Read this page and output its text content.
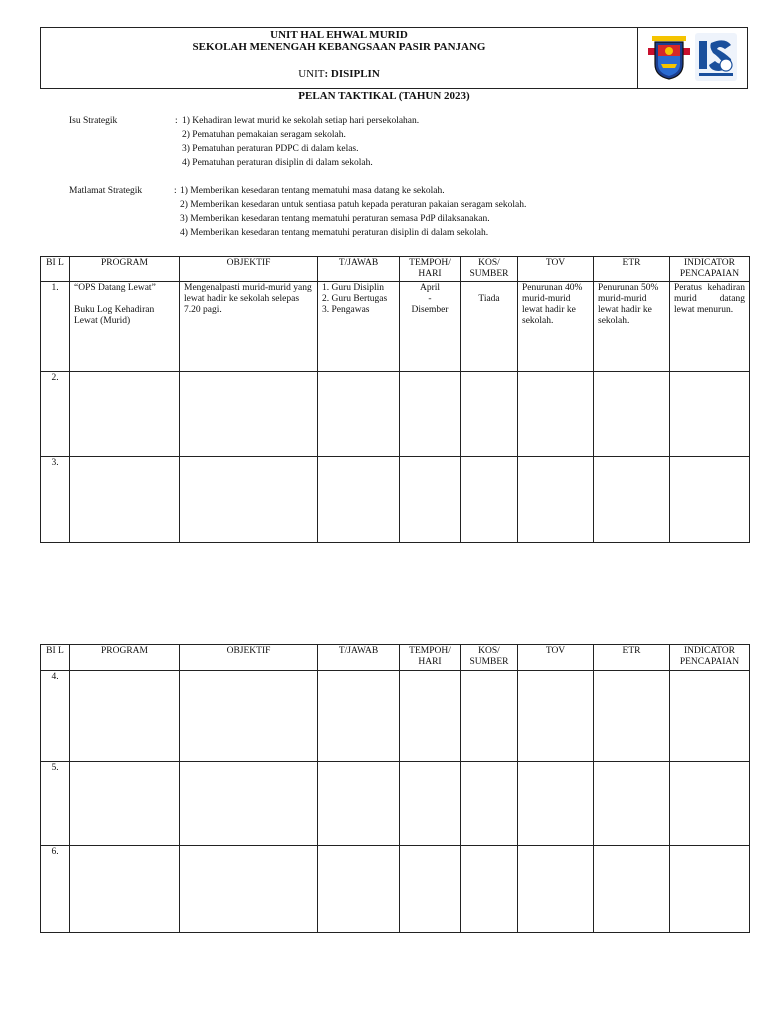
UNIT HAL EHWAL MURID
SEKOLAH MENENGAH KEBANGSAAN PASIR PANJANG
UNIT: DISIPLIN
PELAN TAKTIKAL (TAHUN 2023)
Isu Strategik	: 1) Kehadiran lewat murid ke sekolah setiap hari persekolahan.
2) Pematuhan pemakaian seragam sekolah.
3) Pematuhan peraturan PDPC di dalam kelas.
4) Pematuhan peraturan disiplin di dalam sekolah.
Matlamat Strategik	: 1) Memberikan kesedaran tentang mematuhi masa datang ke sekolah.
2) Memberikan kesedaran untuk sentiasa patuh kepada peraturan pakaian seragam sekolah.
3) Memberikan kesedaran tentang mematuhi peraturan semasa PdP dilaksanakan.
4) Memberikan kesedaran tentang mematuhi peraturan disiplin di dalam sekolah.
BI L	PROGRAM	OBJEKTIF	T/JAWAB	TEMPOH/ HARI	KOS/ SUMBER	TOV	ETR	INDICATOR PENCAPAIAN
1.	“OPS Datang Lewat”

Buku Log Kehadiran Lewat (Murid)	Mengenalpasti murid-murid yang lewat hadir ke sekolah selepas 7.20 pagi.	1. Guru Disiplin
2. Guru Bertugas
3. Pengawas	April
-
Disember	Tiada	Penurunan 40% murid-murid lewat hadir ke sekolah.	Penurunan 50% murid-murid lewat hadir ke sekolah.	Peratus kehadiran murid datang lewat menurun.
2.								
3.								
BI L	PROGRAM	OBJEKTIF	T/JAWAB	TEMPOH/ HARI	KOS/ SUMBER	TOV	ETR	INDICATOR PENCAPAIAN
4.								
5.								
6.								
